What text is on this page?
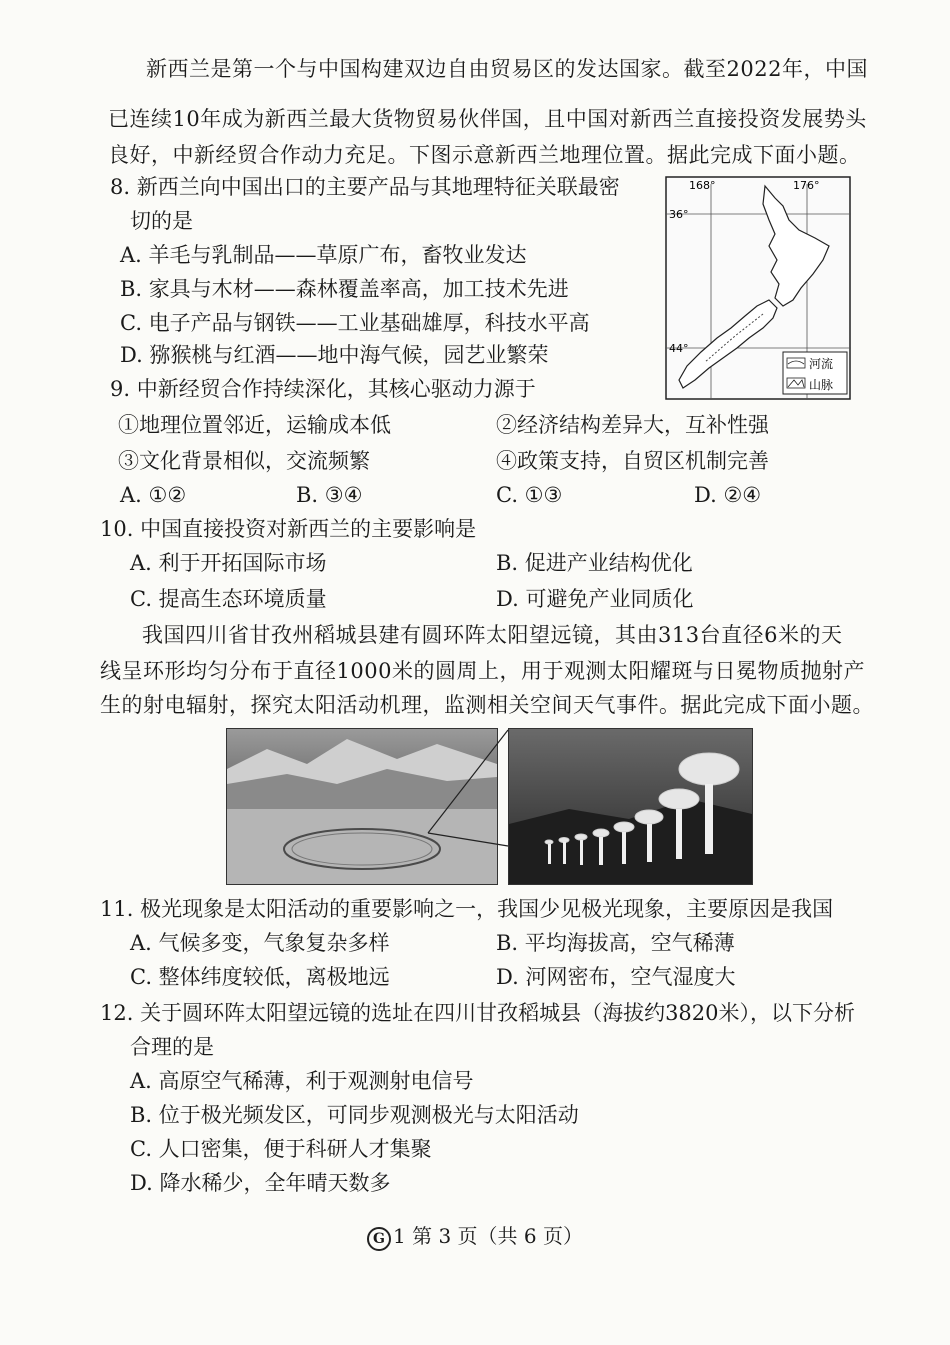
新西兰是第一个与中国构建双边自由贸易区的发达国家。截至2022年，中国
已连续10年成为新西兰最大货物贸易伙伴国，且中国对新西兰直接投资发展势头
良好，中新经贸合作动力充足。下图示意新西兰地理位置。据此完成下面小题。
8. 新西兰向中国出口的主要产品与其地理特征关联最密
切的是
A. 羊毛与乳制品——草原广布，畜牧业发达
B. 家具与木材——森林覆盖率高，加工技术先进
C. 电子产品与钢铁——工业基础雄厚，科技水平高
D. 猕猴桃与红酒——地中海气候，园艺业繁荣
168°	176°
36°
44°
河流
山脉
9. 中新经贸合作持续深化，其核心驱动力源于
①地理位置邻近，运输成本低	②经济结构差异大，互补性强
③文化背景相似，交流频繁	④政策支持，自贸区机制完善
A. ①②	B. ③④	C. ①③	D. ②④
10. 中国直接投资对新西兰的主要影响是
A. 利于开拓国际市场	B. 促进产业结构优化
C. 提高生态环境质量	D. 可避免产业同质化
我国四川省甘孜州稻城县建有圆环阵太阳望远镜，其由313台直径6米的天
线呈环形均匀分布于直径1000米的圆周上，用于观测太阳耀斑与日冕物质抛射产
生的射电辐射，探究太阳活动机理，监测相关空间天气事件。据此完成下面小题。
11. 极光现象是太阳活动的重要影响之一，我国少见极光现象，主要原因是我国
A. 气候多变，气象复杂多样	B. 平均海拔高，空气稀薄
C. 整体纬度较低，离极地远	D. 河网密布，空气湿度大
12. 关于圆环阵太阳望远镜的选址在四川甘孜稻城县（海拔约3820米），以下分析
合理的是
A. 高原空气稀薄，利于观测射电信号
B. 位于极光频发区，可同步观测极光与太阳活动
C. 人口密集，便于科研人才集聚
D. 降水稀少，全年晴天数多
G 1 第 3 页（共 6 页）
